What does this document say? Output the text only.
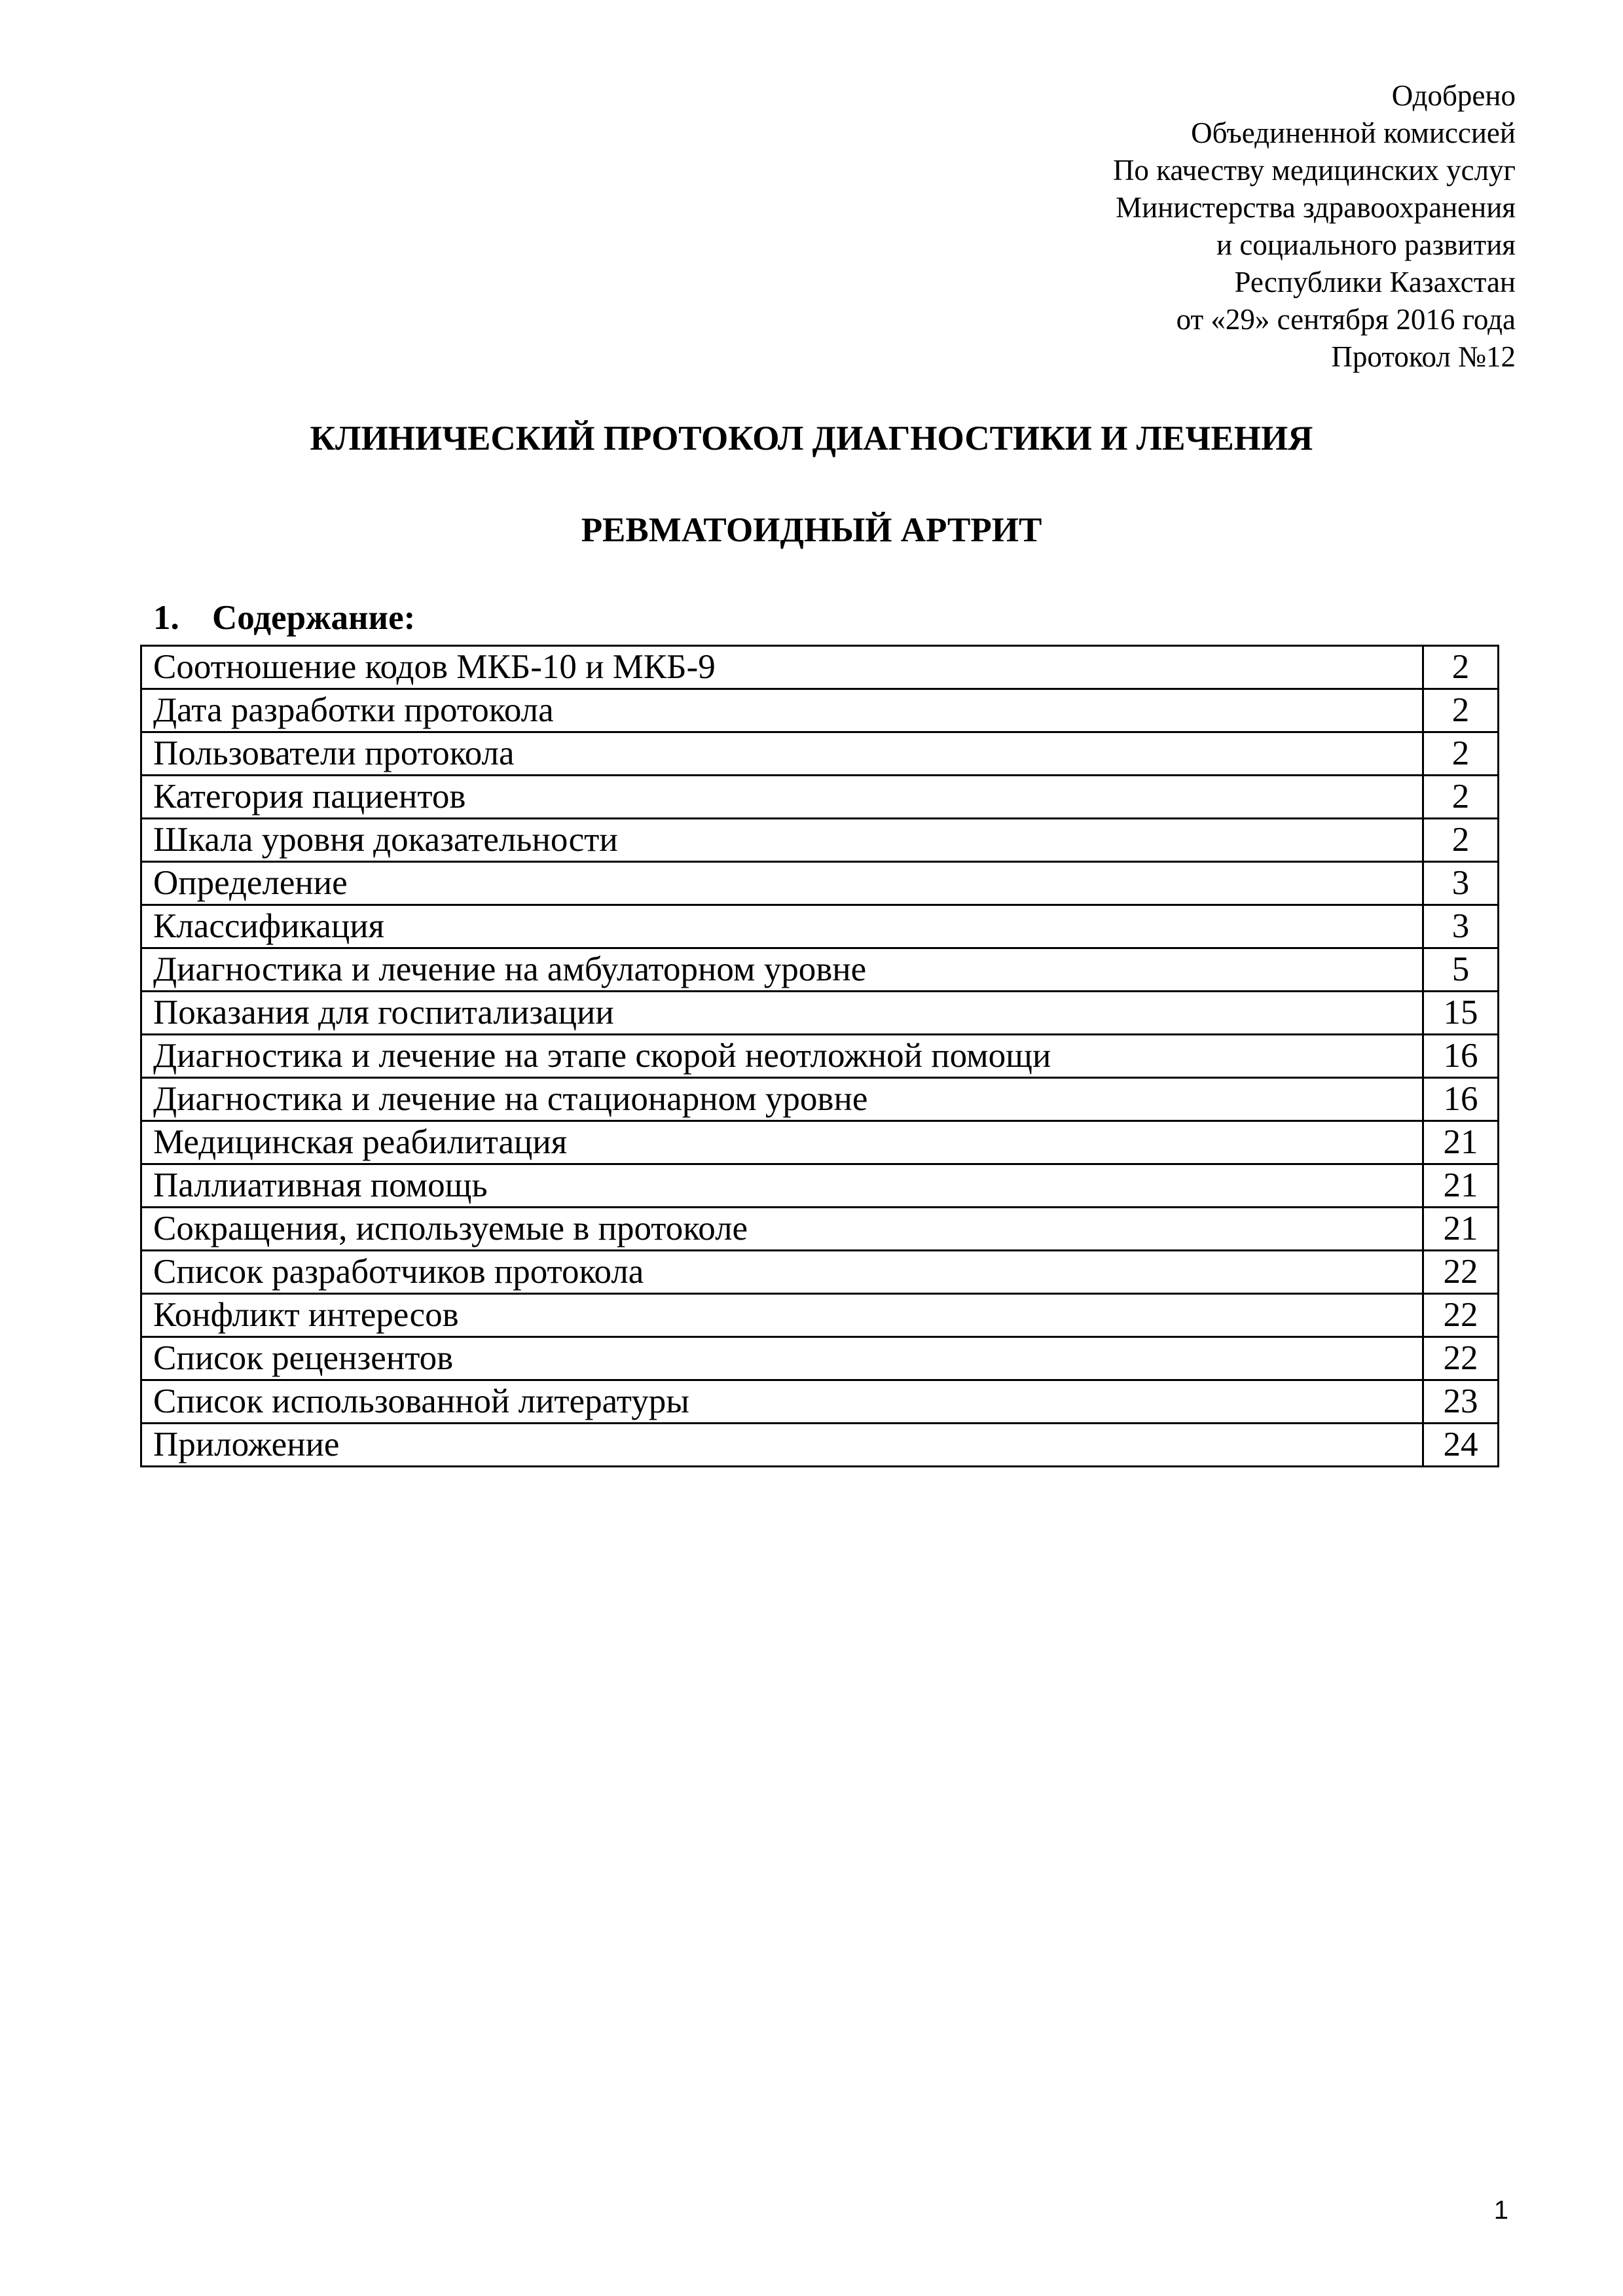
Одобрено
Объединенной комиссией
По качеству медицинских услуг
Министерства здравоохранения
и социального развития
Республики Казахстан
от «29» сентября 2016 года
Протокол №12
КЛИНИЧЕСКИЙ ПРОТОКОЛ ДИАГНОСТИКИ И ЛЕЧЕНИЯ
РЕВМАТОИДНЫЙ АРТРИТ
1. Содержание:
Соотношение кодов МКБ-10 и МКБ-9	2
Дата разработки протокола	2
Пользователи протокола	2
Категория пациентов	2
Шкала уровня доказательности	2
Определение	3
Классификация	3
Диагностика и лечение на амбулаторном уровне	5
Показания для госпитализации	15
Диагностика и лечение на этапе скорой неотложной помощи	16
Диагностика и лечение на стационарном уровне	16
Медицинская реабилитация	21
Паллиативная помощь	21
Сокращения, используемые в протоколе	21
Список разработчиков протокола	22
Конфликт интересов	22
Список рецензентов	22
Список использованной литературы	23
Приложение	24
1
